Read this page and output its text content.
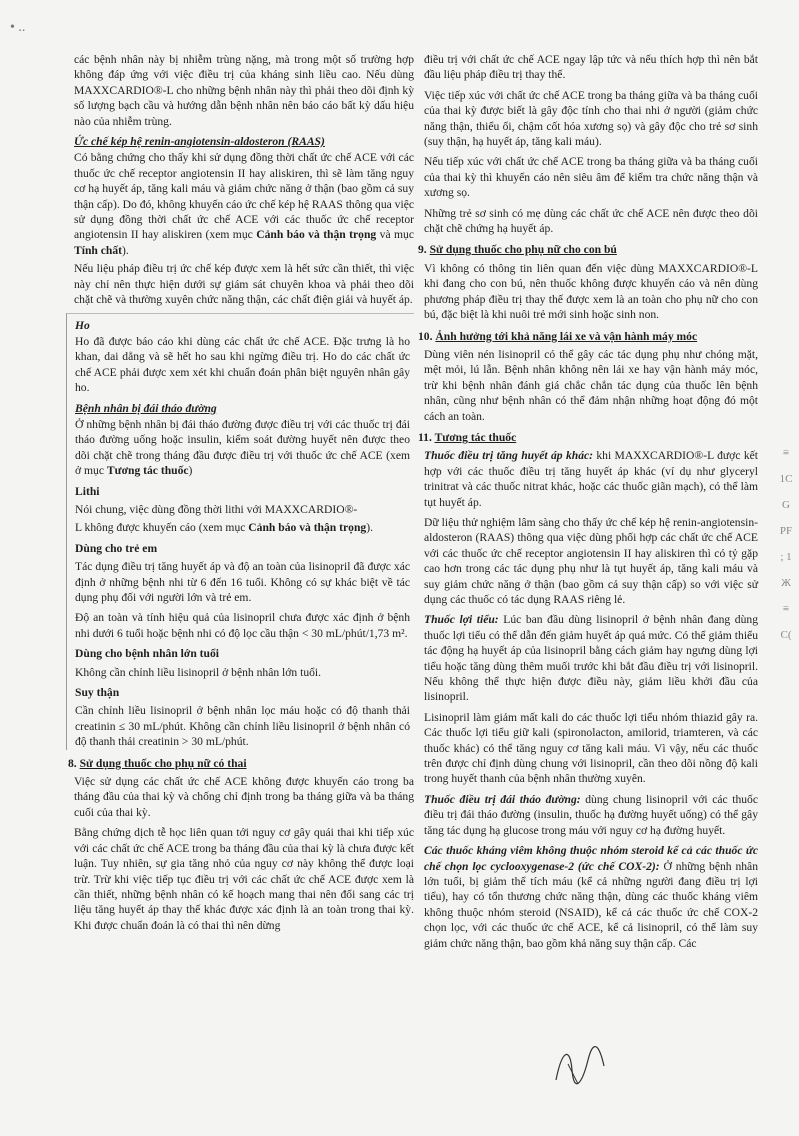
• ..

các bệnh nhân này bị nhiễm trùng nặng, mà trong một số trường hợp không đáp ứng với việc điều trị của kháng sinh liều cao. Nếu dùng MAXXCARDIO®-L cho những bệnh nhân này thì phải theo dõi định kỳ số lượng bạch cầu và hướng dẫn bệnh nhân nên báo cáo bất kỳ dấu hiệu nào của nhiễm trùng.

Ức chế kép hệ renin-angiotensin-aldosteron (RAAS)

Có bằng chứng cho thấy khi sử dụng đồng thời chất ức chế ACE với các thuốc ức chế receptor angiotensin II hay aliskiren, thì sẽ làm tăng nguy cơ hạ huyết áp, tăng kali máu và giảm chức năng ở thận (bao gồm cả suy thận cấp). Do đó, không khuyến cáo ức chế kép hệ RAAS thông qua việc sử dụng đồng thời chất ức chế ACE với các thuốc ức chế receptor angiotensin II hay aliskiren (xem mục Cảnh báo và thận trọng và mục Tính chất).

Nếu liệu pháp điều trị ức chế kép được xem là hết sức cần thiết, thì việc này chỉ nên thực hiện dưới sự giám sát chuyên khoa và phải theo dõi chặt chẽ và thường xuyên chức năng thận, các chất điện giải và huyết áp.

Ho

Ho đã được báo cáo khi dùng các chất ức chế ACE. Đặc trưng là ho khan, dai dẳng và sẽ hết ho sau khi ngừng điều trị. Ho do các chất ức chế ACE phải được xem xét khi chuẩn đoán phân biệt nguyên nhân gây ho.

Bệnh nhân bị đái tháo đường

Ở những bệnh nhân bị đái tháo đường được điều trị với các thuốc trị đái tháo đường uống hoặc insulin, kiểm soát đường huyết nên được theo dõi chặt chẽ trong tháng đầu được điều trị với thuốc ức chế ACE (xem ở mục Tương tác thuốc)

Lithi

Nói chung, việc dùng đồng thời lithi với MAXXCARDIO®-

L không được khuyến cáo (xem mục Cảnh báo và thận trọng).

Dùng cho trẻ em

Tác dụng điều trị tăng huyết áp và độ an toàn của lisinopril đã được xác định ở những bệnh nhi từ 6 đến 16 tuổi. Không có sự khác biệt về tác dụng phụ đối với người lớn và trẻ em.

Độ an toàn và tính hiệu quả của lisinopril chưa được xác định ở bệnh nhi dưới 6 tuổi hoặc bệnh nhi có độ lọc cầu thận < 30 mL/phút/1,73 m².

Dùng cho bệnh nhân lớn tuổi

Không cần chỉnh liều lisinopril ở bệnh nhân lớn tuổi.

Suy thận

Cần chỉnh liều lisinopril ở bệnh nhân lọc máu hoặc có độ thanh thải creatinin ≤ 30 mL/phút. Không cần chỉnh liều lisinopril ở bệnh nhân có độ thanh thải creatinin > 30 mL/phút.

8. Sử dụng thuốc cho phụ nữ có thai

Việc sử dụng các chất ức chế ACE không được khuyến cáo trong ba tháng đầu của thai kỳ và chống chỉ định trong ba tháng giữa và ba tháng cuối của thai kỳ.

Bằng chứng dịch tễ học liên quan tới nguy cơ gây quái thai khi tiếp xúc với các chất ức chế ACE trong ba tháng đầu của thai kỳ là chưa được kết luận. Tuy nhiên, sự gia tăng nhỏ của nguy cơ này không thể được loại trừ. Trừ khi việc tiếp tục điều trị với các chất ức chế ACE được xem là cần thiết, những bệnh nhân có kế hoạch mang thai nên đổi sang các trị liệu tăng huyết áp thay thế khác được xác định là an toàn trong thai kỳ. Khi được chuẩn đoán là có thai thì nên dừng

điều trị với chất ức chế ACE ngay lập tức và nếu thích hợp thì nên bắt đầu liệu pháp điều trị thay thế.

Việc tiếp xúc với chất ức chế ACE trong ba tháng giữa và ba tháng cuối của thai kỳ được biết là gây độc tính cho thai nhi ở người (giảm chức năng thận, thiểu ối, chậm cốt hóa xương sọ) và gây độc cho trẻ sơ sinh (suy thận, hạ huyết áp, tăng kali máu).

Nếu tiếp xúc với chất ức chế ACE trong ba tháng giữa và ba tháng cuối của thai kỳ thì khuyến cáo nên siêu âm để kiểm tra chức năng thận và xương sọ.

Những trẻ sơ sinh có mẹ dùng các chất ức chế ACE nên được theo dõi chặt chẽ chứng hạ huyết áp.

9. Sử dụng thuốc cho phụ nữ cho con bú

Vì không có thông tin liên quan đến việc dùng MAXXCARDIO®-L khi đang cho con bú, nên thuốc không được khuyến cáo và nên dùng phương pháp điều trị thay thế được xem là an toàn cho phụ nữ cho con bú, đặc biệt là khi nuôi trẻ mới sinh hoặc sinh non.

10. Ảnh hưởng tới khả năng lái xe và vận hành máy móc

Dùng viên nén lisinopril có thể gây các tác dụng phụ như chóng mặt, mệt mỏi, lú lẫn. Bệnh nhân không nên lái xe hay vận hành máy móc, trừ khi bệnh nhân đánh giá chắc chắn tác dụng của thuốc lên bệnh nhân, cũng như bệnh nhân có thể đảm nhận những hoạt động đó một cách an toàn.

11. Tương tác thuốc

Thuốc điều trị tăng huyết áp khác: khi MAXXCARDIO®-L được kết hợp với các thuốc điều trị tăng huyết áp khác (ví dụ như glyceryl trinitrat và các thuốc nitrat khác, hoặc các thuốc giãn mạch), có thể làm tụt huyết áp.

Dữ liệu thử nghiệm lâm sàng cho thấy ức chế kép hệ renin-angiotensin-aldosteron (RAAS) thông qua việc dùng phối hợp các chất ức chế ACE với các thuốc ức chế receptor angiotensin II hay aliskiren thì có tỷ gặp cao hơn trong các tác dụng phụ như là tụt huyết áp, tăng kali máu và suy giảm chức năng ở thận (bao gồm cả suy thận cấp) so với việc sử dụng các thuốc có tác dụng RAAS riêng lẻ.

Thuốc lợi tiểu: Lúc ban đầu dùng lisinopril ở bệnh nhân đang dùng thuốc lợi tiểu có thể dẫn đến giảm huyết áp quá mức. Có thể giảm thiểu tác động hạ huyết áp của lisinopril bằng cách giảm hay ngưng dùng lợi tiểu hoặc tăng dùng thêm muối trước khi bắt đầu điều trị với lisinopril. Nếu không thể thực hiện được điều này, giảm liều khởi đầu của lisinopril.

Lisinopril làm giảm mất kali do các thuốc lợi tiểu nhóm thiazid gây ra. Các thuốc lợi tiểu giữ kali (spironolacton, amilorid, triamteren, và các thuốc khác) có thể tăng nguy cơ tăng kali máu. Vì vậy, nếu các thuốc trên được chỉ định dùng chung với lisinopril, cần theo dõi nồng độ kali trong huyết thanh của bệnh nhân thường xuyên.

Thuốc điều trị đái tháo đường: dùng chung lisinopril với các thuốc điều trị đái tháo đường (insulin, thuốc hạ đường huyết uống) có thể gây tăng tác dụng hạ glucose trong máu với nguy cơ hạ đường huyết.

Các thuốc kháng viêm không thuộc nhóm steroid kể cả các thuốc ức chế chọn lọc cyclooxygenase-2 (ức chế COX-2): Ở những bệnh nhân lớn tuổi, bị giảm thể tích máu (kể cả những người đang điều trị lợi tiểu), hay có tổn thương chức năng thận, dùng các thuốc kháng viêm không thuộc nhóm steroid (NSAID), kể cả các thuốc ức chế COX-2 chọn lọc, với các thuốc ức chế ACE, kể cả lisinopril, có thể làm suy giảm chức năng thận, bao gồm khả năng suy thận cấp. Các

≡
1C
G
PF
; 1
Ж
≡
C(
